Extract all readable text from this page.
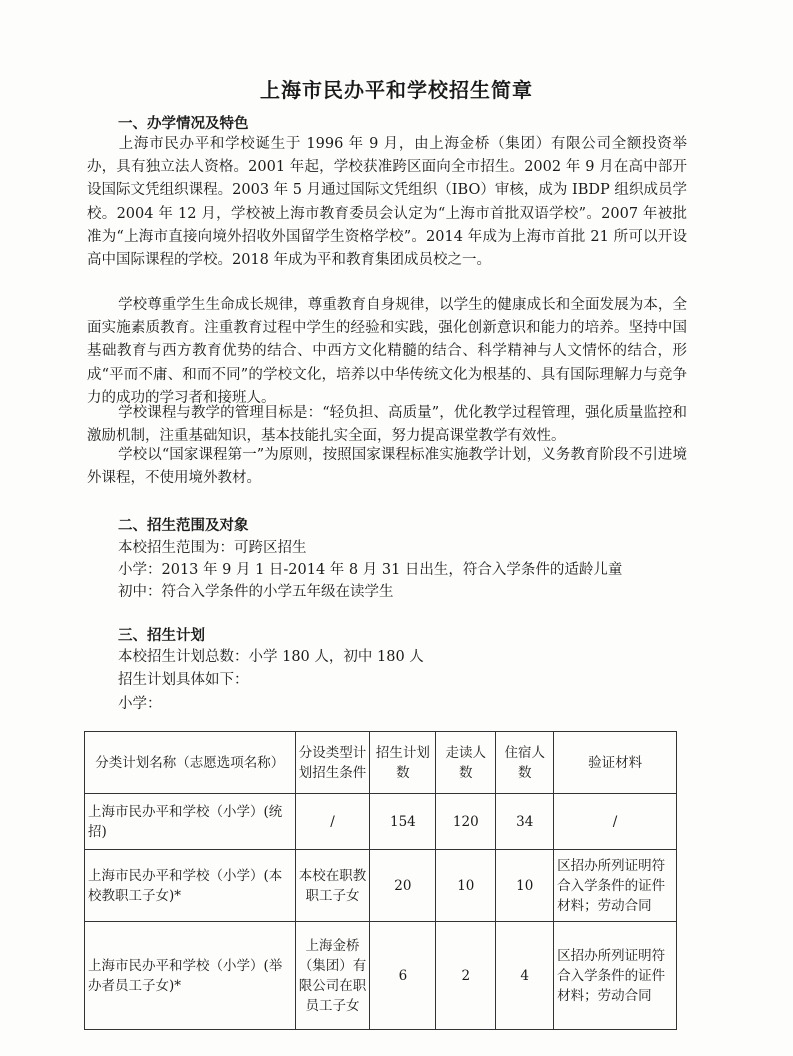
上海市民办平和学校招生简章
一、办学情况及特色
上海市民办平和学校诞生于 1996 年 9 月，由上海金桥（集团）有限公司全额投资举办，具有独立法人资格。2001 年起，学校获准跨区面向全市招生。2002 年 9 月在高中部开设国际文凭组织课程。2003 年 5 月通过国际文凭组织（IBO）审核，成为 IBDP 组织成员学校。2004 年 12 月，学校被上海市教育委员会认定为“上海市首批双语学校”。2007 年被批准为“上海市直接向境外招收外国留学生资格学校”。2014 年成为上海市首批 21 所可以开设高中国际课程的学校。2018 年成为平和教育集团成员校之一。
学校尊重学生生命成长规律，尊重教育自身规律，以学生的健康成长和全面发展为本，全面实施素质教育。注重教育过程中学生的经验和实践，强化创新意识和能力的培养。坚持中国基础教育与西方教育优势的结合、中西方文化精髓的结合、科学精神与人文情怀的结合，形成“平而不庸、和而不同”的学校文化，培养以中华传统文化为根基的、具有国际理解力与竞争力的成功的学习者和接班人。
学校课程与教学的管理目标是：“轻负担、高质量”，优化教学过程管理，强化质量监控和激励机制，注重基础知识，基本技能扎实全面，努力提高课堂教学有效性。
学校以“国家课程第一”为原则，按照国家课程标准实施教学计划，义务教育阶段不引进境外课程，不使用境外教材。
二、招生范围及对象
本校招生范围为：可跨区招生
小学：2013 年 9 月 1 日-2014 年 8 月 31 日出生，符合入学条件的适龄儿童
初中：符合入学条件的小学五年级在读学生
三、招生计划
本校招生计划总数：小学 180 人，初中 180 人
招生计划具体如下：
小学：
分类计划名称（志愿选项名称）	分设类型计划招生条件	招生计划数	走读人数	住宿人数	验证材料
上海市民办平和学校（小学）(统招)	/	154	120	34	/
上海市民办平和学校（小学）(本校教职工子女)*	本校在职教职工子女	20	10	10	区招办所列证明符合入学条件的证件材料；劳动合同
上海市民办平和学校（小学）(举办者员工子女)*	上海金桥（集团）有限公司在职员工子女	6	2	4	区招办所列证明符合入学条件的证件材料；劳动合同
